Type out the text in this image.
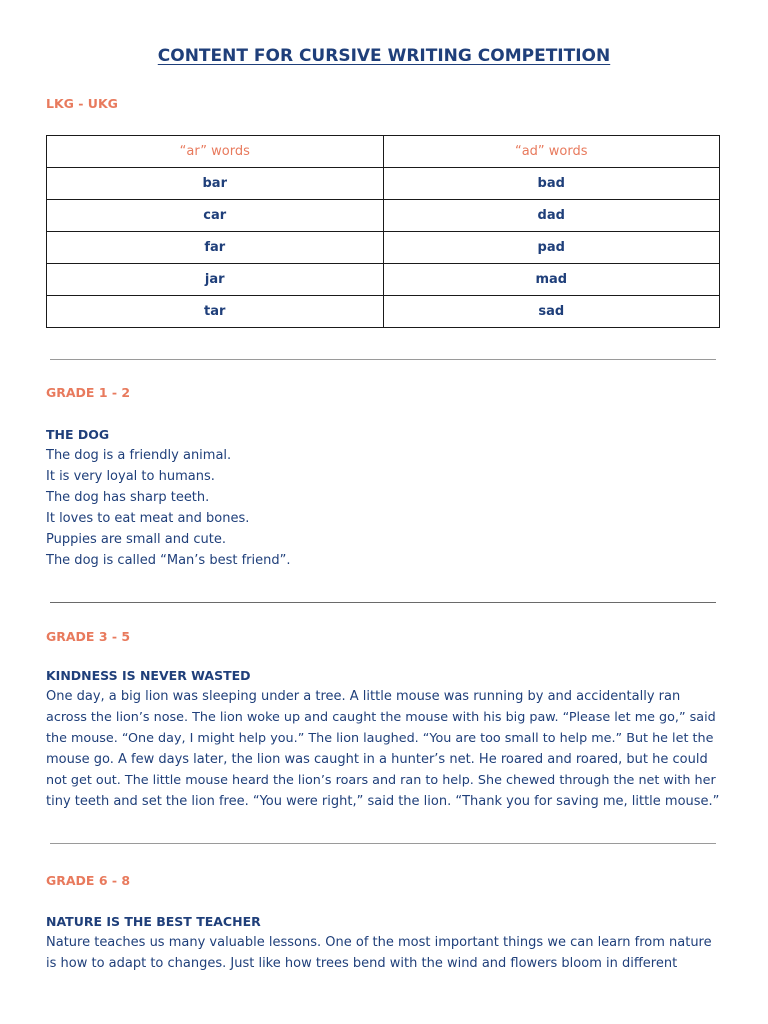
CONTENT FOR CURSIVE WRITING COMPETITION
LKG - UKG
“ar” words	“ad” words
bar	bad
car	dad
far	pad
jar	mad
tar	sad
GRADE 1 - 2
THE DOG
The dog is a friendly animal.
It is very loyal to humans.
The dog has sharp teeth.
It loves to eat meat and bones.
Puppies are small and cute.
The dog is called “Man’s best friend”.
GRADE 3 - 5
KINDNESS IS NEVER WASTED
One day, a big lion was sleeping under a tree. A little mouse was running by and accidentally ran
across the lion’s nose. The lion woke up and caught the mouse with his big paw. “Please let me go,” said
the mouse. “One day, I might help you.” The lion laughed. “You are too small to help me.” But he let the
mouse go. A few days later, the lion was caught in a hunter’s net. He roared and roared, but he could
not get out. The little mouse heard the lion’s roars and ran to help. She chewed through the net with her
tiny teeth and set the lion free. “You were right,” said the lion. “Thank you for saving me, little mouse.”
GRADE 6 - 8
NATURE IS THE BEST TEACHER
Nature teaches us many valuable lessons. One of the most important things we can learn from nature
is how to adapt to changes. Just like how trees bend with the wind and flowers bloom in different
